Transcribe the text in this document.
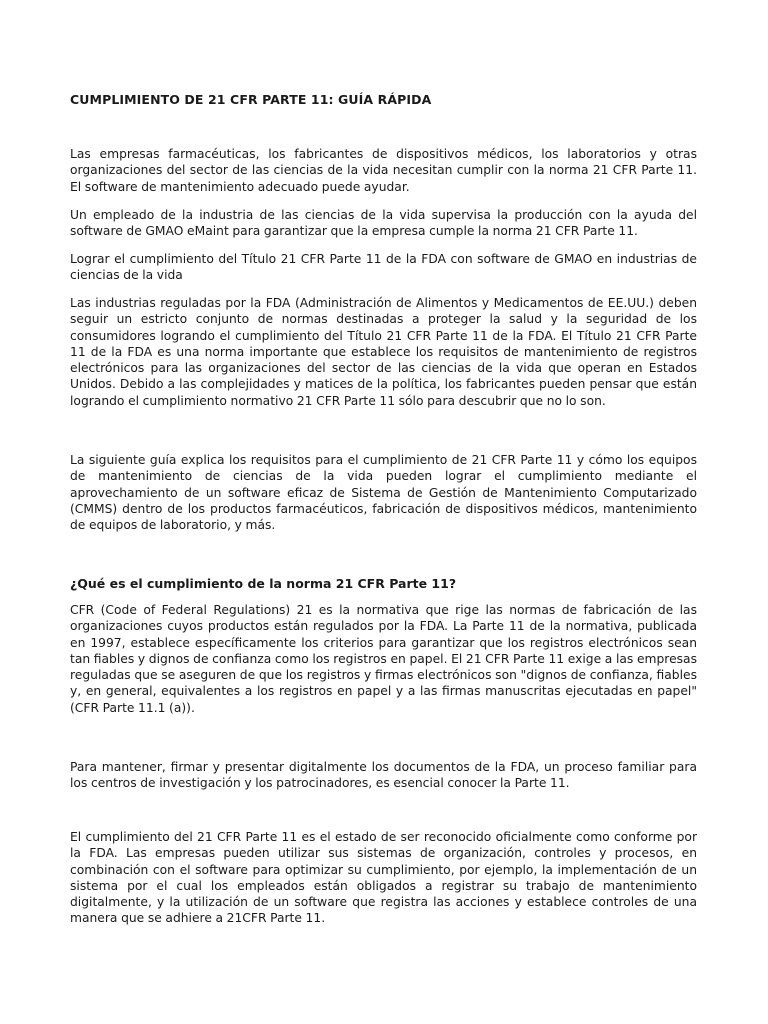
CUMPLIMIENTO DE 21 CFR PARTE 11: GUÍA RÁPIDA

Las empresas farmacéuticas, los fabricantes de dispositivos médicos, los laboratorios y otras organizaciones del sector de las ciencias de la vida necesitan cumplir con la norma 21 CFR Parte 11. El software de mantenimiento adecuado puede ayudar.

Un empleado de la industria de las ciencias de la vida supervisa la producción con la ayuda del software de GMAO eMaint para garantizar que la empresa cumple la norma 21 CFR Parte 11.

Lograr el cumplimiento del Título 21 CFR Parte 11 de la FDA con software de GMAO en industrias de ciencias de la vida

Las industrias reguladas por la FDA (Administración de Alimentos y Medicamentos de EE.UU.) deben seguir un estricto conjunto de normas destinadas a proteger la salud y la seguridad de los consumidores logrando el cumplimiento del Título 21 CFR Parte 11 de la FDA. El Título 21 CFR Parte 11 de la FDA es una norma importante que establece los requisitos de mantenimiento de registros electrónicos para las organizaciones del sector de las ciencias de la vida que operan en Estados Unidos. Debido a las complejidades y matices de la política, los fabricantes pueden pensar que están logrando el cumplimiento normativo 21 CFR Parte 11 sólo para descubrir que no lo son.

La siguiente guía explica los requisitos para el cumplimiento de 21 CFR Parte 11 y cómo los equipos de mantenimiento de ciencias de la vida pueden lograr el cumplimiento mediante el aprovechamiento de un software eficaz de Sistema de Gestión de Mantenimiento Computarizado (CMMS) dentro de los productos farmacéuticos, fabricación de dispositivos médicos, mantenimiento de equipos de laboratorio, y más.

¿Qué es el cumplimiento de la norma 21 CFR Parte 11?

CFR (Code of Federal Regulations) 21 es la normativa que rige las normas de fabricación de las organizaciones cuyos productos están regulados por la FDA. La Parte 11 de la normativa, publicada en 1997, establece específicamente los criterios para garantizar que los registros electrónicos sean tan fiables y dignos de confianza como los registros en papel. El 21 CFR Parte 11 exige a las empresas reguladas que se aseguren de que los registros y firmas electrónicos son "dignos de confianza, fiables y, en general, equivalentes a los registros en papel y a las firmas manuscritas ejecutadas en papel" (CFR Parte 11.1 (a)).

Para mantener, firmar y presentar digitalmente los documentos de la FDA, un proceso familiar para los centros de investigación y los patrocinadores, es esencial conocer la Parte 11.

El cumplimiento del 21 CFR Parte 11 es el estado de ser reconocido oficialmente como conforme por la FDA. Las empresas pueden utilizar sus sistemas de organización, controles y procesos, en combinación con el software para optimizar su cumplimiento, por ejemplo, la implementación de un sistema por el cual los empleados están obligados a registrar su trabajo de mantenimiento digitalmente, y la utilización de un software que registra las acciones y establece controles de una manera que se adhiere a 21CFR Parte 11.
